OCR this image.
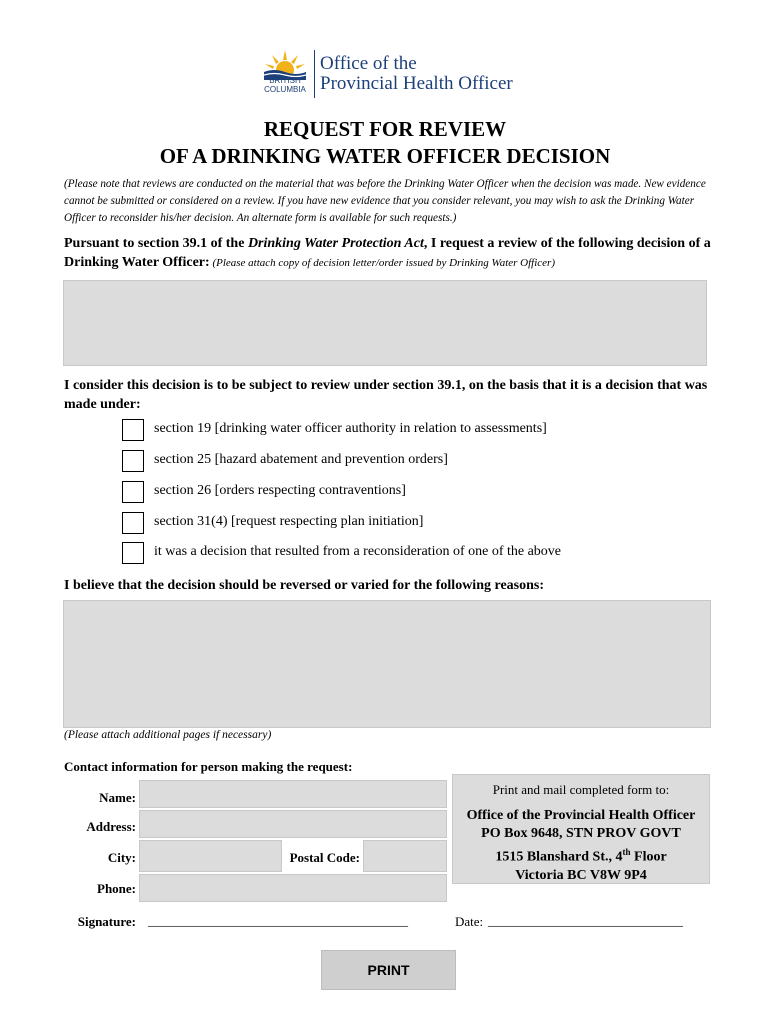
BRITISH
COLUMBIA
Office of the
Provincial Health Officer
REQUEST FOR REVIEW
OF A DRINKING WATER OFFICER DECISION
(Please note that reviews are conducted on the material that was before the Drinking Water Officer when the decision was made. New evidence cannot be submitted or considered on a review. If you have new evidence that you consider relevant, you may wish to ask the Drinking Water Officer to reconsider his/her decision. An alternate form is available for such requests.)
Pursuant to section 39.1 of the Drinking Water Protection Act, I request a review of the following decision of a Drinking Water Officer: (Please attach copy of decision letter/order issued by Drinking Water Officer)
I consider this decision is to be subject to review under section 39.1, on the basis that it is a decision that was made under:
section 19 [drinking water officer authority in relation to assessments]
section 25 [hazard abatement and prevention orders]
section 26 [orders respecting contraventions]
section 31(4) [request respecting plan initiation]
it was a decision that resulted from a reconsideration of one of the above
I believe that the decision should be reversed or varied for the following reasons:
(Please attach additional pages if necessary)
Contact information for person making the request:
Name:
Address:
City:	Postal Code:
Phone:
Print and mail completed form to:
Office of the Provincial Health Officer
PO Box 9648, STN PROV GOVT
1515 Blanshard St., 4th Floor
Victoria BC V8W 9P4
Signature: ________________________________________	Date: ______________________________
PRINT
